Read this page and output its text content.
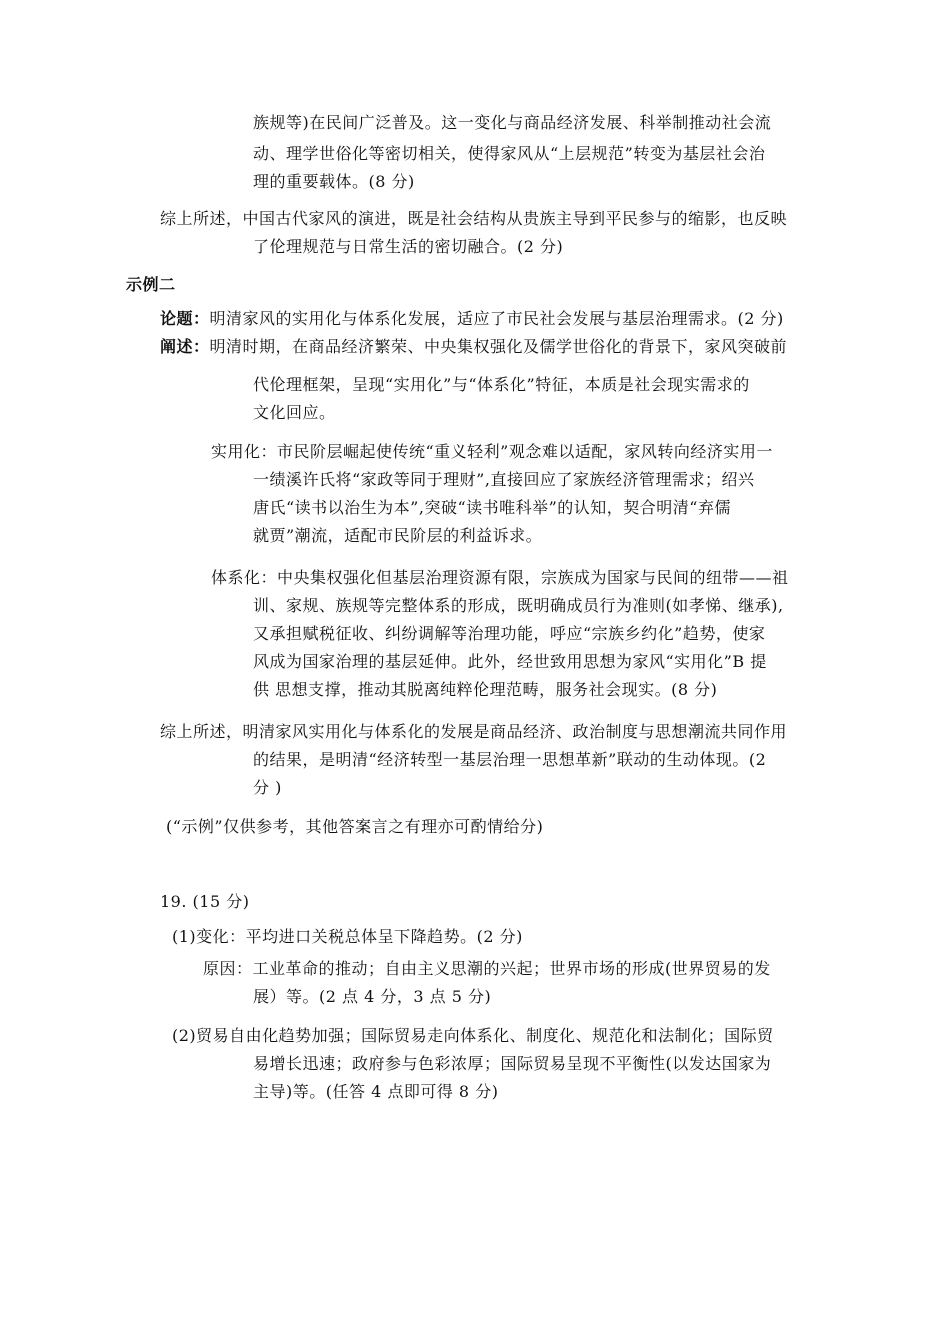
族规等)在民间广泛普及。这一变化与商品经济发展、科举制推动社会流
动、理学世俗化等密切相关，使得家风从“上层规范”转变为基层社会治
理的重要载体。(8 分)
综上所述，中国古代家风的演进，既是社会结构从贵族主导到平民参与的缩影，也反映
了伦理规范与日常生活的密切融合。(2 分)
示例二
论题：明清家风的实用化与体系化发展，适应了市民社会发展与基层治理需求。(2 分)
阐述：明清时期，在商品经济繁荣、中央集权强化及儒学世俗化的背景下，家风突破前
代伦理框架，呈现“实用化”与“体系化”特征，本质是社会现实需求的
文化回应。
实用化：市民阶层崛起使传统“重义轻利”观念难以适配，家风转向经济实用一
一绩溪许氏将“家政等同于理财”,直接回应了家族经济管理需求；绍兴
唐氏“读书以治生为本”,突破“读书唯科举”的认知，契合明清“弃儒
就贾”潮流，适配市民阶层的利益诉求。
体系化：中央集权强化但基层治理资源有限，宗族成为国家与民间的纽带——祖
训、家规、族规等完整体系的形成，既明确成员行为准则(如孝悌、继承),
又承担赋税征收、纠纷调解等治理功能，呼应“宗族乡约化”趋势，使家
风成为国家治理的基层延伸。此外，经世致用思想为家风“实用化”B 提
供 思想支撑，推动其脱离纯粹伦理范畴，服务社会现实。(8 分)
综上所述，明清家风实用化与体系化的发展是商品经济、政治制度与思想潮流共同作用
的结果，是明清“经济转型一基层治理一思想革新”联动的生动体现。(2
分 )
(“示例”仅供参考，其他答案言之有理亦可酌情给分)
19. (15 分)
(1)变化：平均进口关税总体呈下降趋势。(2 分)
原因：工业革命的推动；自由主义思潮的兴起；世界市场的形成(世界贸易的发
展）等。(2 点 4 分，3 点 5 分)
(2)贸易自由化趋势加强；国际贸易走向体系化、制度化、规范化和法制化；国际贸
易增长迅速；政府参与色彩浓厚；国际贸易呈现不平衡性(以发达国家为
主导)等。(任答 4 点即可得 8 分)
